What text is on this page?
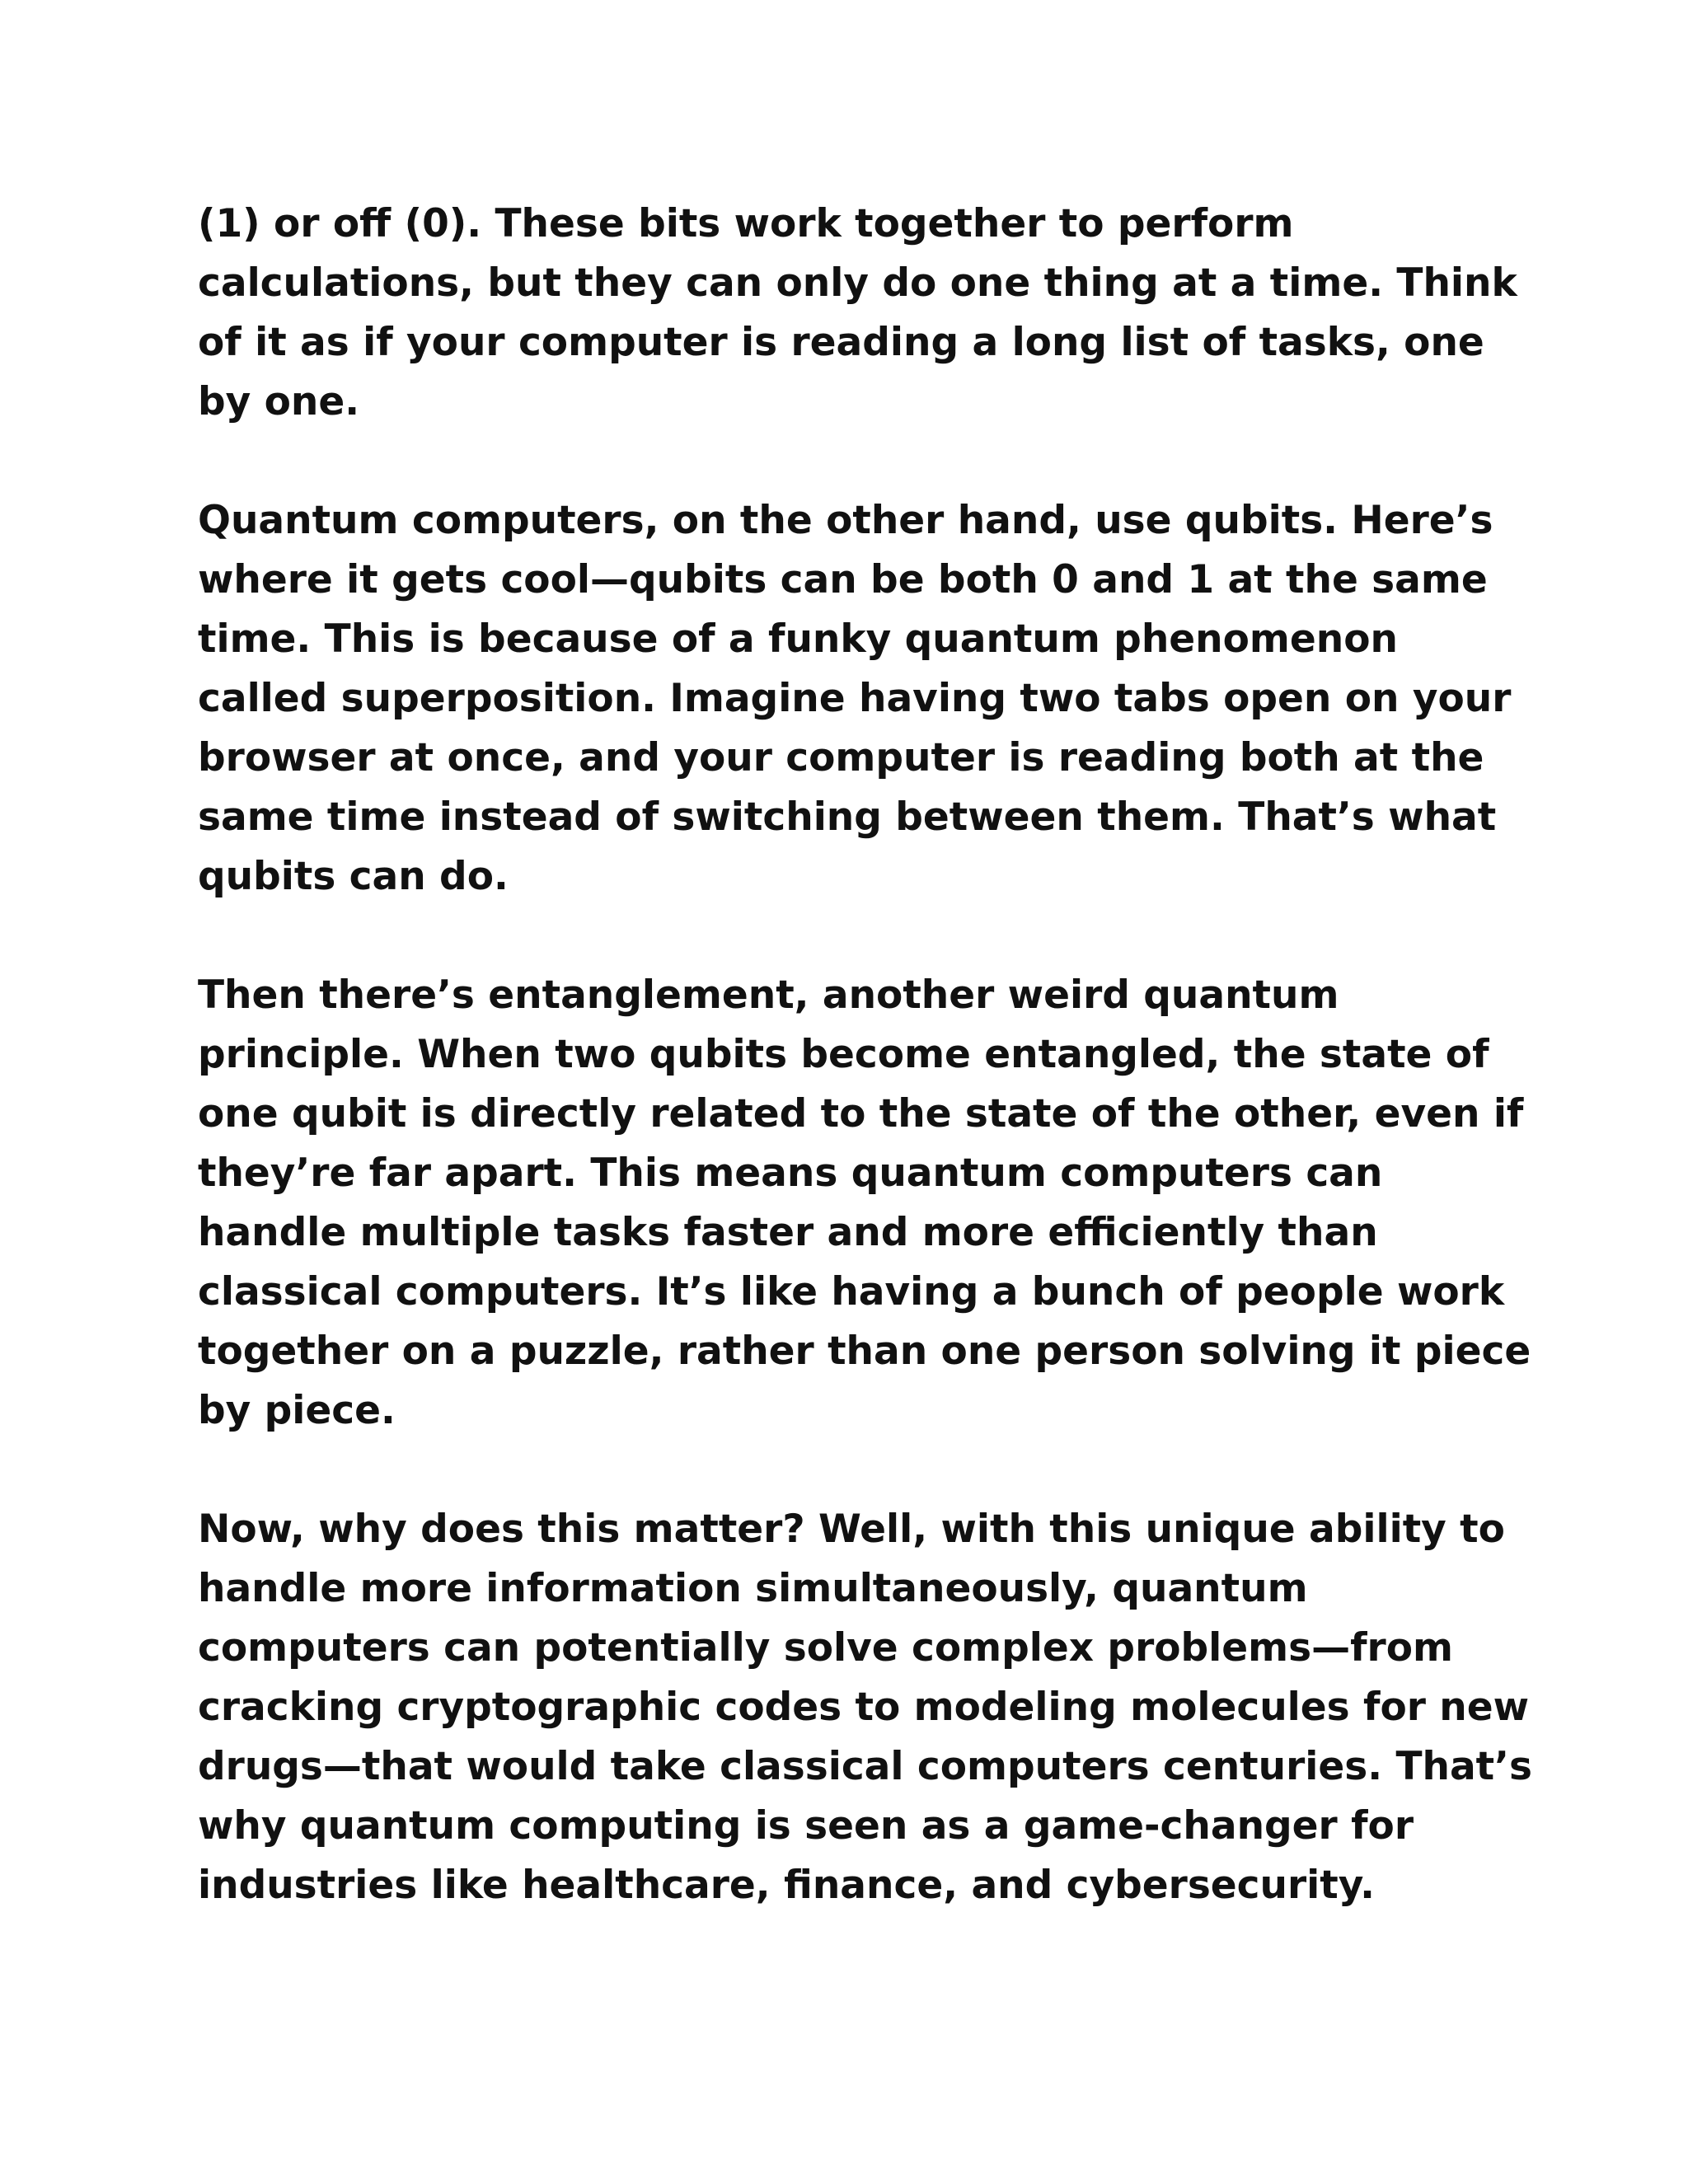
(1) or off (0). These bits work together to perform
calculations, but they can only do one thing at a time. Think
of it as if your computer is reading a long list of tasks, one
by one.

Quantum computers, on the other hand, use qubits. Here’s
where it gets cool—qubits can be both 0 and 1 at the same
time. This is because of a funky quantum phenomenon
called superposition. Imagine having two tabs open on your
browser at once, and your computer is reading both at the
same time instead of switching between them. That’s what
qubits can do.

Then there’s entanglement, another weird quantum
principle. When two qubits become entangled, the state of
one qubit is directly related to the state of the other, even if
they’re far apart. This means quantum computers can
handle multiple tasks faster and more efficiently than
classical computers. It’s like having a bunch of people work
together on a puzzle, rather than one person solving it piece
by piece.

Now, why does this matter? Well, with this unique ability to
handle more information simultaneously, quantum
computers can potentially solve complex problems—from
cracking cryptographic codes to modeling molecules for new
drugs—that would take classical computers centuries. That’s
why quantum computing is seen as a game-changer for
industries like healthcare, finance, and cybersecurity.
